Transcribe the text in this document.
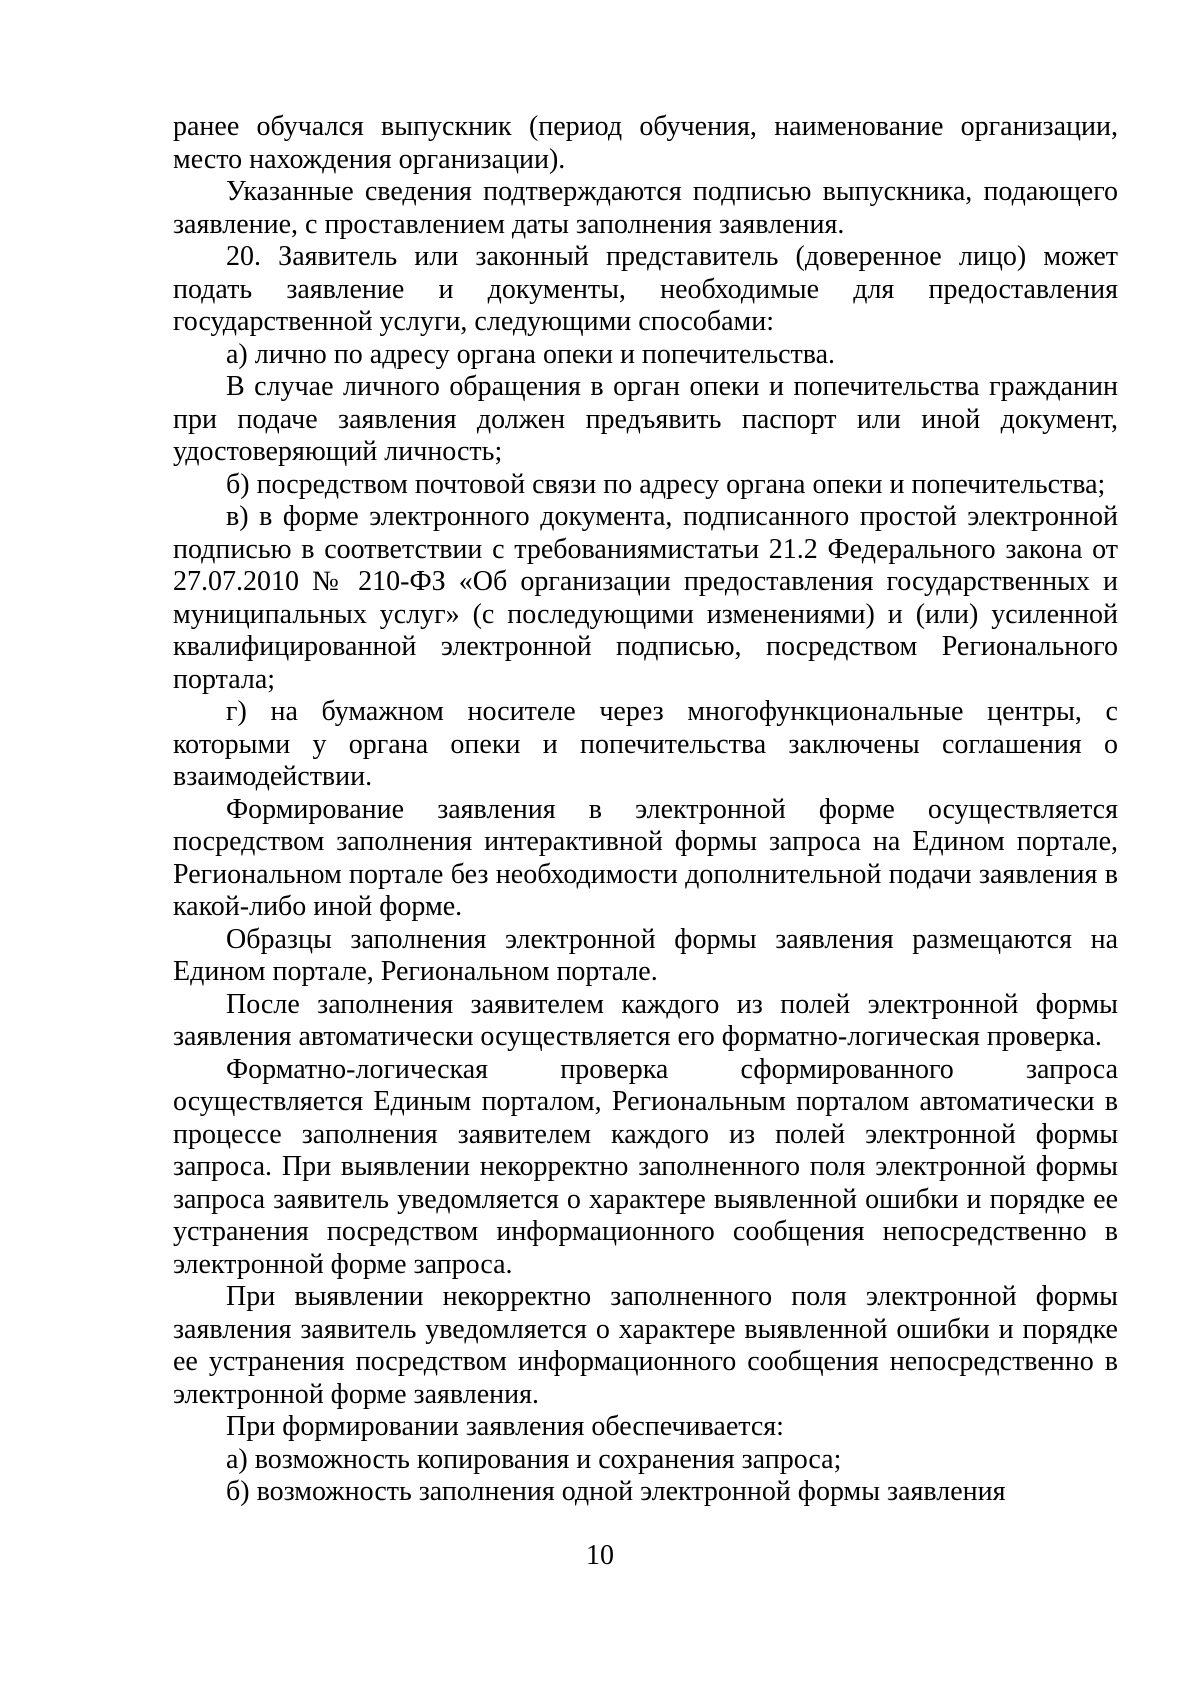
ранее обучался выпускник (период обучения, наименование организации, место нахождения организации).

Указанные сведения подтверждаются подписью выпускника, подающего заявление, с проставлением даты заполнения заявления.

20. Заявитель или законный представитель (доверенное лицо) может подать заявление и документы, необходимые для предоставления государственной услуги, следующими способами:

а) лично по адресу органа опеки и попечительства.

В случае личного обращения в орган опеки и попечительства гражданин при подаче заявления должен предъявить паспорт или иной документ, удостоверяющий личность;

б) посредством почтовой связи по адресу органа опеки и попечительства;

в) в форме электронного документа, подписанного простой электронной подписью в соответствии с требованиямистатьи 21.2 Федерального закона от 27.07.2010 № 210-ФЗ «Об организации предоставления государственных и муниципальных услуг» (с последующими изменениями) и (или) усиленной квалифицированной электронной подписью, посредством Регионального портала;

г) на бумажном носителе через многофункциональные центры, с которыми у органа опеки и попечительства заключены соглашения о взаимодействии.

Формирование заявления в электронной форме осуществляется посредством заполнения интерактивной формы запроса на Едином портале, Региональном портале без необходимости дополнительной подачи заявления в какой-либо иной форме.

Образцы заполнения электронной формы заявления размещаются на Едином портале, Региональном портале.

После заполнения заявителем каждого из полей электронной формы заявления автоматически осуществляется его форматно-логическая проверка.

Форматно-логическая проверка сформированного запроса осуществляется Единым порталом, Региональным порталом автоматически в процессе заполнения заявителем каждого из полей электронной формы запроса. При выявлении некорректно заполненного поля электронной формы запроса заявитель уведомляется о характере выявленной ошибки и порядке ее устранения посредством информационного сообщения непосредственно в электронной форме запроса.

При выявлении некорректно заполненного поля электронной формы заявления заявитель уведомляется о характере выявленной ошибки и порядке ее устранения посредством информационного сообщения непосредственно в электронной форме заявления.

При формировании заявления обеспечивается:

а) возможность копирования и сохранения запроса;

б) возможность заполнения одной электронной формы заявления

10
